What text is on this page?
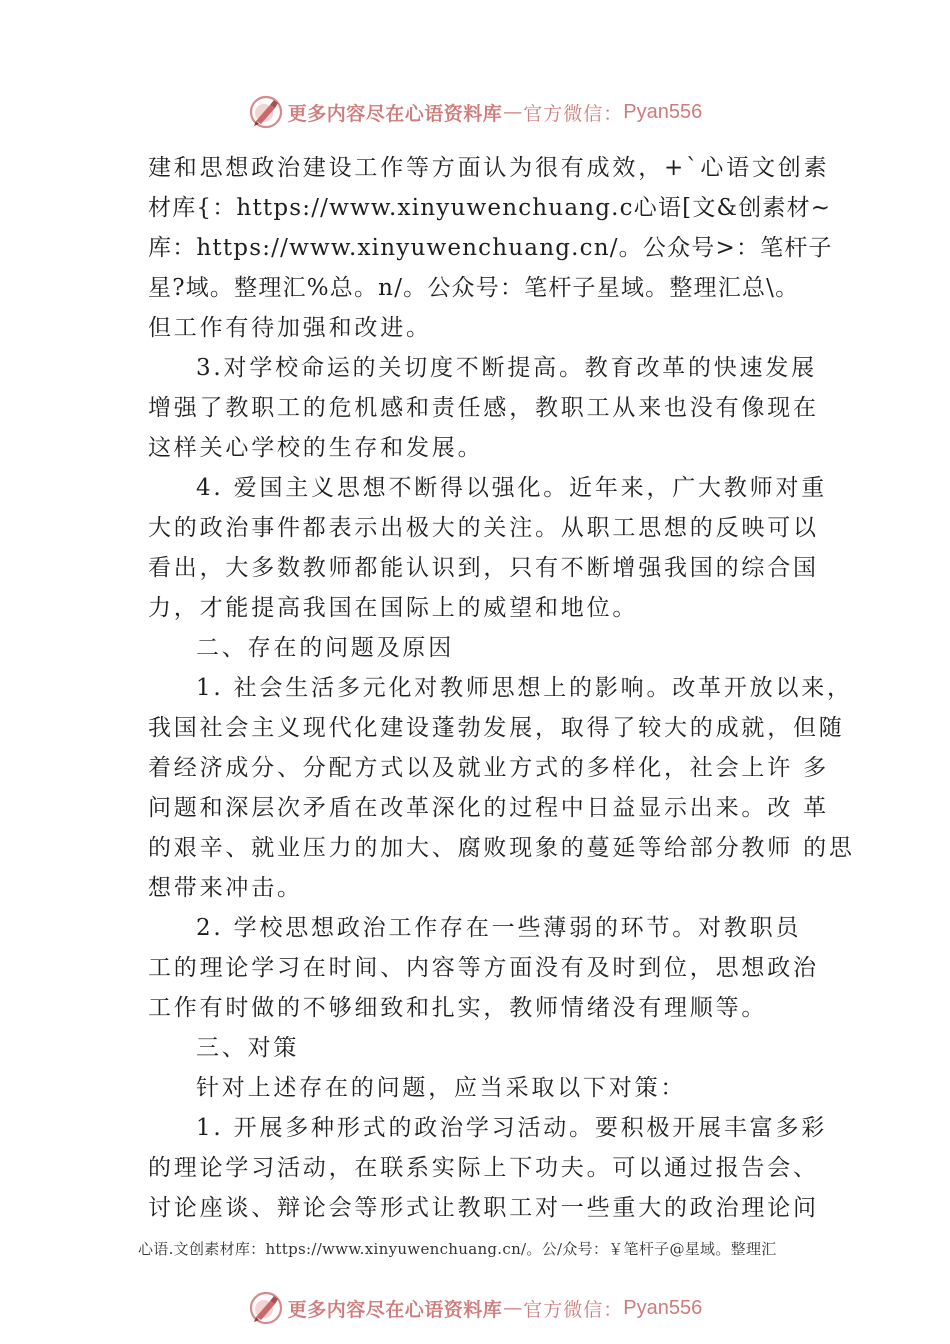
更多内容尽在心语资料库 — 官方微信： Pyan556
建和思想政治建设工作等方面认为很有成效，+`心语文创素
材库{：https://www.xinyuwenchuang.c心语[文&创素材~
库：https://www.xinyuwenchuang.cn/。公众号>：笔杆子
星?域。整理汇%总。n/。公众号：笔杆子星域。整理汇总\。
但工作有待加强和改进。
3.对学校命运的关切度不断提高。教育改革的快速发展
增强了教职工的危机感和责任感，教职工从来也没有像现在
这样关心学校的生存和发展。
4. 爱国主义思想不断得以强化。近年来，广大教师对重
大的政治事件都表示出极大的关注。从职工思想的反映可以
看出，大多数教师都能认识到，只有不断增强我国的综合国
力，才能提高我国在国际上的威望和地位。
二、存在的问题及原因
1. 社会生活多元化对教师思想上的影响。改革开放以来，
我国社会主义现代化建设蓬勃发展，取得了较大的成就，但随
着经济成分、分配方式以及就业方式的多样化，社会上许 多
问题和深层次矛盾在改革深化的过程中日益显示出来。改 革
的艰辛、就业压力的加大、腐败现象的蔓延等给部分教师 的思
想带来冲击。
2. 学校思想政治工作存在一些薄弱的环节。对教职员
工的理论学习在时间、内容等方面没有及时到位，思想政治
工作有时做的不够细致和扎实，教师情绪没有理顺等。
三、对策
针对上述存在的问题，应当采取以下对策：
1. 开展多种形式的政治学习活动。要积极开展丰富多彩
的理论学习活动，在联系实际上下功夫。可以通过报告会、
讨论座谈、辩论会等形式让教职工对一些重大的政治理论问
心语.文创素材库：https://www.xinyuwenchuang.cn/。公/众号：￥笔杆子@星域。整理汇
更多内容尽在心语资料库 — 官方微信： Pyan556
